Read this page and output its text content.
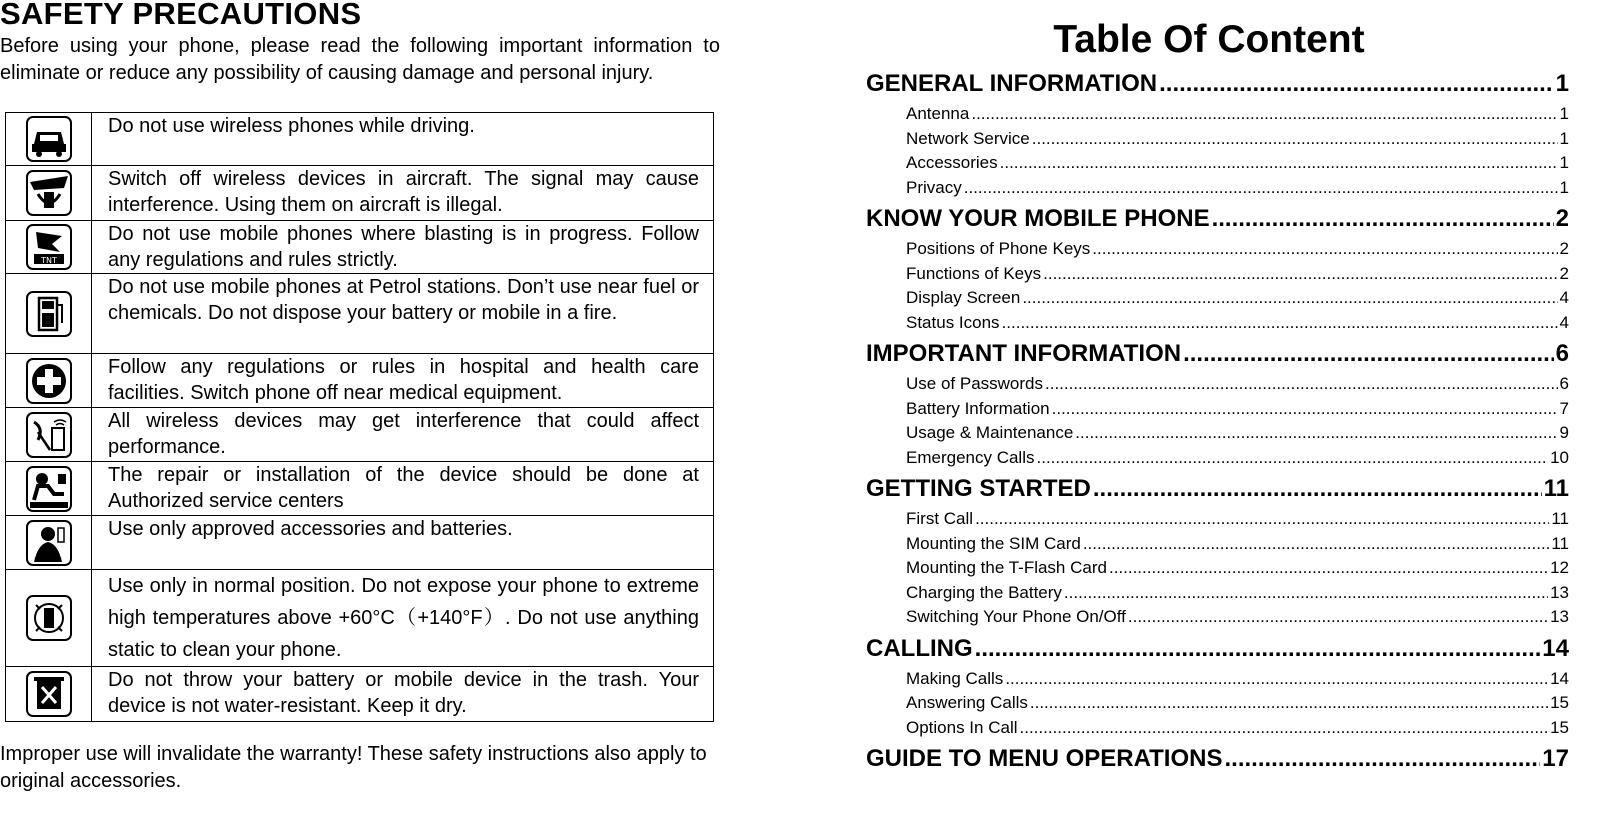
SAFETY PRECAUTIONS

Before using your phone, please read the following important information to eliminate or reduce any possibility of causing damage and personal injury.

	Do not use wireless phones while driving.

	Switch off wireless devices in aircraft. The signal may cause interference. Using them on aircraft is illegal.

TNT	Do not use mobile phones where blasting is in progress. Follow any regulations and rules strictly.

	Do not use mobile phones at Petrol stations. Don’t use near fuel or chemicals. Do not dispose your battery or mobile in a fire.

	Follow any regulations or rules in hospital and health care facilities. Switch phone off near medical equipment.

	All wireless devices may get interference that could affect performance.

	The repair or installation of the device should be done at Authorized service centers

	Use only approved accessories and batteries.

	Use only in normal position. Do not expose your phone to extreme high temperatures above +60°C（+140°F）. Do not use anything static to clean your phone.

	Do not throw your battery or mobile device in the trash. Your device is not water-resistant. Keep it dry.

Improper use will invalidate the warranty! These safety instructions also apply to original accessories.

Table Of Content
GENERAL INFORMATION .....	1
Antenna .....	1
Network Service .....	1
Accessories .....	1
Privacy .....	1
KNOW YOUR MOBILE PHONE .....	2
Positions of Phone Keys .....	2
Functions of Keys .....	2
Display Screen .....	4
Status Icons .....	4
IMPORTANT INFORMATION .....	6
Use of Passwords .....	6
Battery Information .....	7
Usage & Maintenance .....	9
Emergency Calls .....	10
GETTING STARTED .....	11
First Call .....	11
Mounting the SIM Card .....	11
Mounting the T-Flash Card .....	12
Charging the Battery .....	13
Switching Your Phone On/Off .....	13
CALLING .....	14
Making Calls .....	14
Answering Calls .....	15
Options In Call .....	15
GUIDE TO MENU OPERATIONS .....	17
